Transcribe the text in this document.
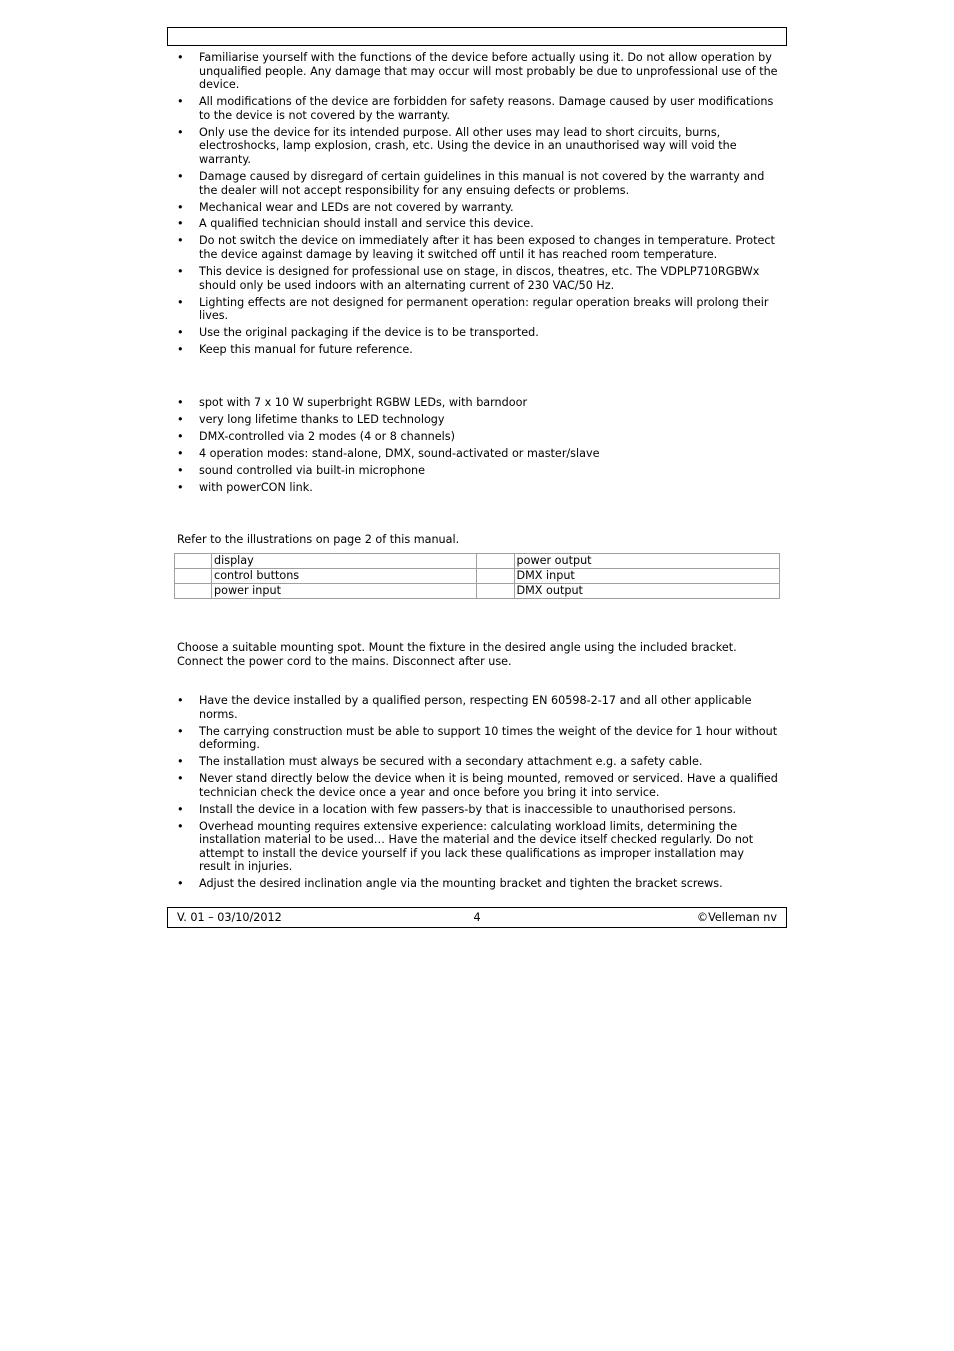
• Familiarise yourself with the functions of the device before actually using it. Do not allow operation by unqualified people. Any damage that may occur will most probably be due to unprofessional use of the device.
• All modifications of the device are forbidden for safety reasons. Damage caused by user modifications to the device is not covered by the warranty.
• Only use the device for its intended purpose. All other uses may lead to short circuits, burns, electroshocks, lamp explosion, crash, etc. Using the device in an unauthorised way will void the warranty.
• Damage caused by disregard of certain guidelines in this manual is not covered by the warranty and the dealer will not accept responsibility for any ensuing defects or problems.
• Mechanical wear and LEDs are not covered by warranty.
• A qualified technician should install and service this device.
• Do not switch the device on immediately after it has been exposed to changes in temperature. Protect the device against damage by leaving it switched off until it has reached room temperature.
• This device is designed for professional use on stage, in discos, theatres, etc. The VDPLP710RGBWx should only be used indoors with an alternating current of 230 VAC/50 Hz.
• Lighting effects are not designed for permanent operation: regular operation breaks will prolong their lives.
• Use the original packaging if the device is to be transported.
• Keep this manual for future reference.
• spot with 7 x 10 W superbright RGBW LEDs, with barndoor
• very long lifetime thanks to LED technology
• DMX-controlled via 2 modes (4 or 8 channels)
• 4 operation modes: stand-alone, DMX, sound-activated or master/slave
• sound controlled via built-in microphone
• with powerCON link.

Refer to the illustrations on page 2 of this manual.

	display		power output
	control buttons		DMX input
	power input		DMX output

Choose a suitable mounting spot. Mount the fixture in the desired angle using the included bracket.

Connect the power cord to the mains. Disconnect after use.

• Have the device installed by a qualified person, respecting EN 60598-2-17 and all other applicable norms.
• The carrying construction must be able to support 10 times the weight of the device for 1 hour without deforming.
• The installation must always be secured with a secondary attachment e.g. a safety cable.
• Never stand directly below the device when it is being mounted, removed or serviced. Have a qualified technician check the device once a year and once before you bring it into service.
• Install the device in a location with few passers-by that is inaccessible to unauthorised persons.
• Overhead mounting requires extensive experience: calculating workload limits, determining the installation material to be used… Have the material and the device itself checked regularly. Do not attempt to install the device yourself if you lack these qualifications as improper installation may result in injuries.
• Adjust the desired inclination angle via the mounting bracket and tighten the bracket screws.
V. 01 – 03/10/2012	4	©Velleman nv
